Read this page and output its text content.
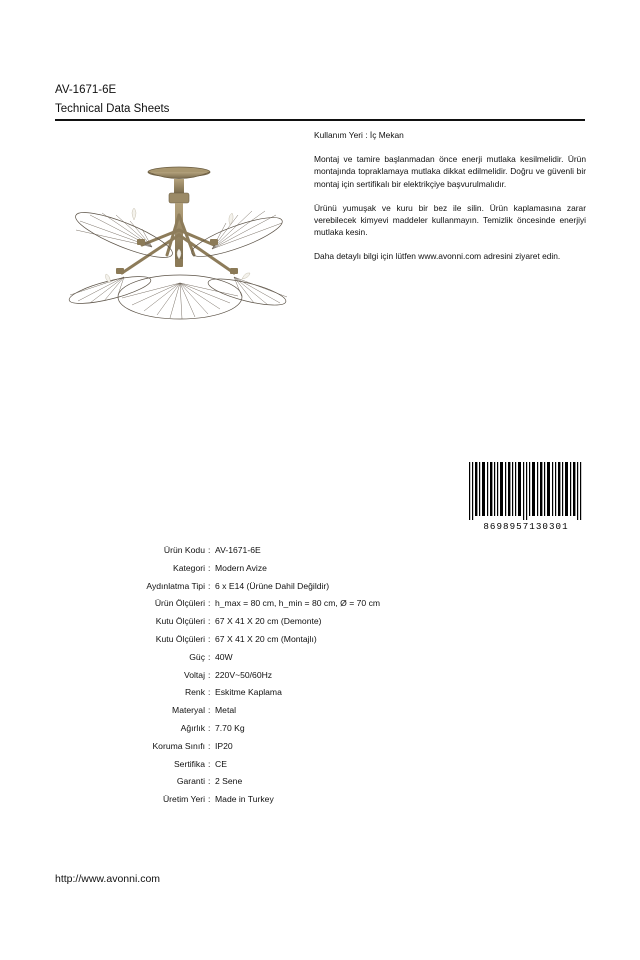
AV-1671-6E
Technical Data Sheets

Kullanım Yeri : İç Mekan

Montaj ve tamire başlanmadan önce enerji mutlaka kesilmelidir. Ürün montajında topraklamaya mutlaka dikkat edilmelidir. Doğru ve güvenli bir montaj için sertifikalı bir elektrikçiye başvurulmalıdır.

Ürünü yumuşak ve kuru bir bez ile silin. Ürün kaplamasına zarar verebilecek kimyevi maddeler kullanmayın. Temizlik öncesinde enerjiyi mutlaka kesin.

Daha detaylı bilgi için lütfen www.avonni.com adresini ziyaret edin.

8698957130301
Ürün Kodu : AV-1671-6E
Kategori : Modern Avize
Aydınlatma Tipi : 6 x E14 (Ürüne Dahil Değildir)
Ürün Ölçüleri : h_max = 80 cm, h_min = 80 cm, Ø = 70 cm
Kutu Ölçüleri : 67 X 41 X 20 cm (Demonte)
Kutu Ölçüleri : 67 X 41 X 20 cm (Montajlı)
Güç : 40W
Voltaj : 220V~50/60Hz
Renk : Eskitme Kaplama
Materyal : Metal
Ağırlık : 7.70 Kg
Koruma Sınıfı : IP20
Sertifika : CE
Garanti : 2 Sene
Üretim Yeri : Made in Turkey
http://www.avonni.com
